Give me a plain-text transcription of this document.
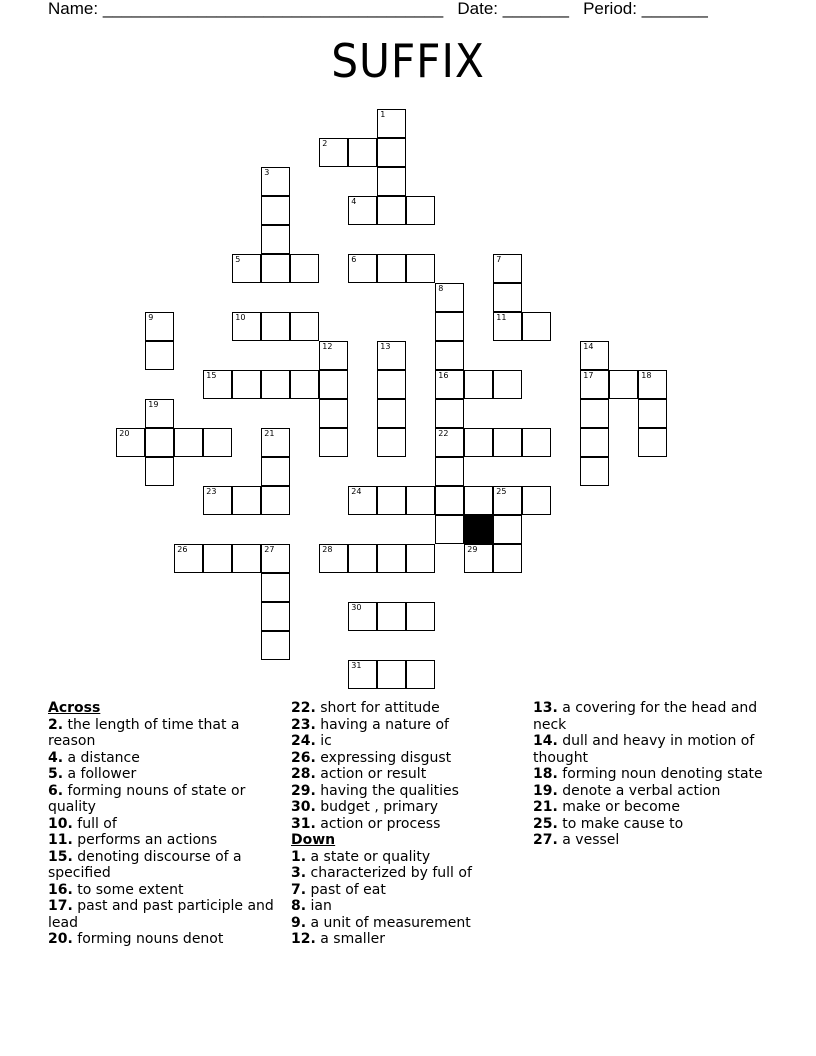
Name: ____________________________________ Date: _______ Period: _______
SUFFIX
1
2
3
4
5	6	7
11
8
16
22
9	10
12	13	14
17
15	18
19
20	21
23	24	25
26	27	28	29
30
31
Across
2. the length of time that a reason
4. a distance
5. a follower
6. forming nouns of state or quality
10. full of
11. performs an actions
15. denoting discourse of a specified
16. to some extent
17. past and past participle and lead
20. forming nouns denot
22. short for attitude
23. having a nature of
24. ic
26. expressing disgust
28. action or result
29. having the qualities
30. budget , primary
31. action or process
Down
1. a state or quality
3. characterized by full of
7. past of eat
8. ian
9. a unit of measurement
12. a smaller
13. a covering for the head and neck
14. dull and heavy in motion of thought
18. forming noun denoting state
19. denote a verbal action
21. make or become
25. to make cause to
27. a vessel
